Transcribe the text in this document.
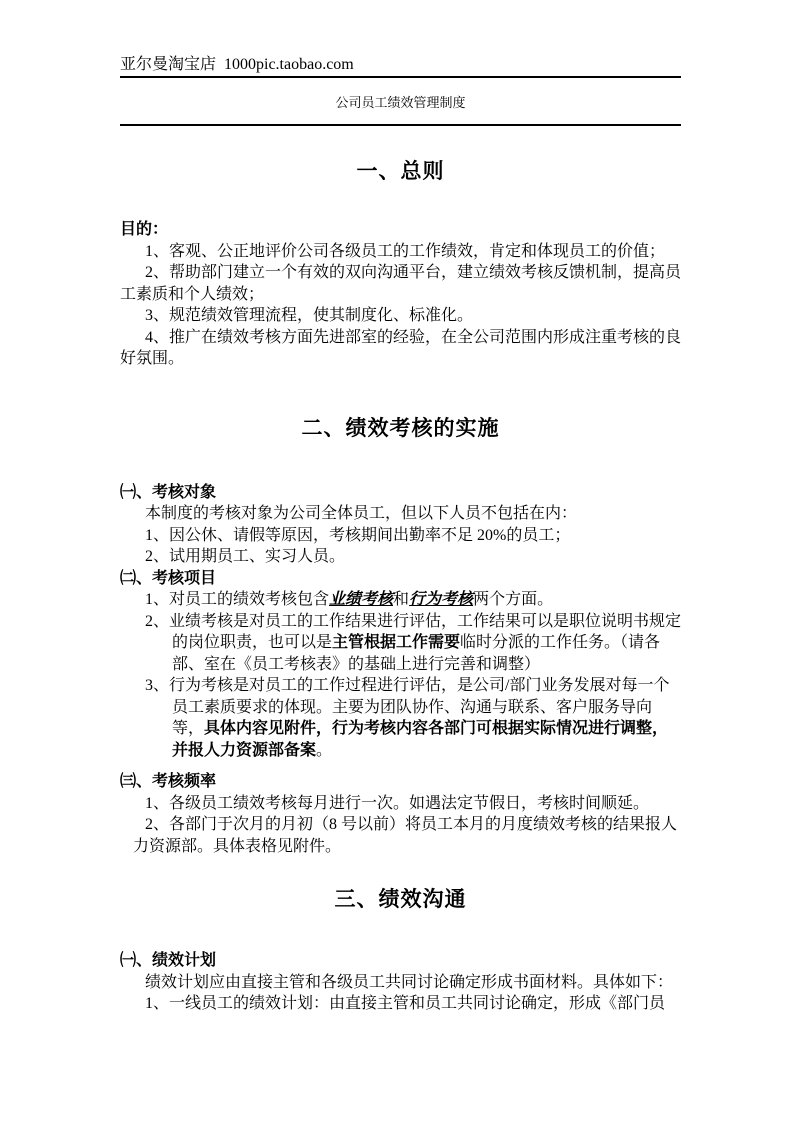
亚尔曼淘宝店  1000pic.taobao.com
公司员工绩效管理制度
一、总则

目的：

1、客观、公正地评价公司各级员工的工作绩效，肯定和体现员工的价值；

2、帮助部门建立一个有效的双向沟通平台，建立绩效考核反馈机制，提高员工素质和个人绩效；

3、规范绩效管理流程，使其制度化、标准化。

4、推广在绩效考核方面先进部室的经验，在全公司范围内形成注重考核的良好氛围。

二、绩效考核的实施

㈠、考核对象

本制度的考核对象为公司全体员工，但以下人员不包括在内：

1、因公休、请假等原因，考核期间出勤率不足 20%的员工；

2、试用期员工、实习人员。

㈡、考核项目

1、对员工的绩效考核包含业绩考核和行为考核两个方面。

2、业绩考核是对员工的工作结果进行评估，工作结果可以是职位说明书规定的岗位职责，也可以是主管根据工作需要临时分派的工作任务。（请各部、室在《员工考核表》的基础上进行完善和调整）

3、行为考核是对员工的工作过程进行评估，是公司/部门业务发展对每一个员工素质要求的体现。主要为团队协作、沟通与联系、客户服务导向等，具体内容见附件，行为考核内容各部门可根据实际情况进行调整，并报人力资源部备案。

㈢、考核频率

1、各级员工绩效考核每月进行一次。如遇法定节假日，考核时间顺延。

2、各部门于次月的月初（8 号以前）将员工本月的月度绩效考核的结果报人力资源部。具体表格见附件。

三、绩效沟通

㈠、绩效计划

绩效计划应由直接主管和各级员工共同讨论确定形成书面材料。具体如下：

1、一线员工的绩效计划：由直接主管和员工共同讨论确定，形成《部门员
